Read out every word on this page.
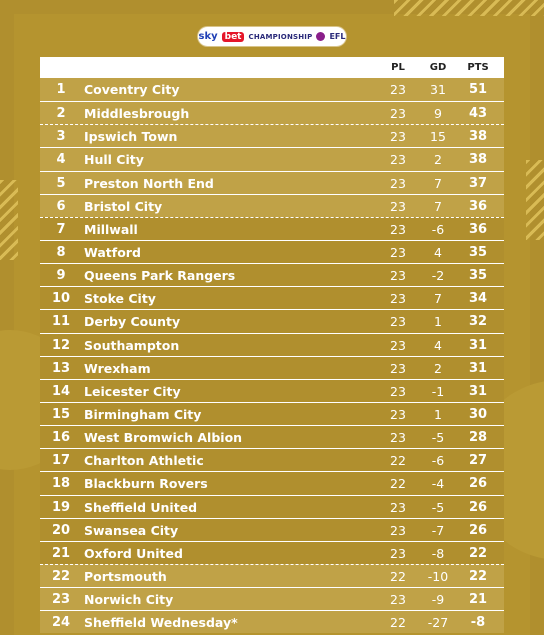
sky bet	CHAMPIONSHIP EFL
PL	GD	PTS
1	Coventry City	23	31	51
2	Middlesbrough	23	9	43
3	Ipswich Town	23	15	38
4	Hull City	23	2	38
5	Preston North End	23	7	37
6	Bristol City	23	7	36
7	Millwall	23	-6	36
8	Watford	23	4	35
9	Queens Park Rangers	23	-2	35
10 Stoke City	23	7	34
11 Derby County	23	1	32
12 Southampton	23	4	31
13 Wrexham	23	2	31
14 Leicester City	23	-1	31
15 Birmingham City	23	1	30
16 West Bromwich Albion	23	-5	28
17 Charlton Athletic	22	-6	27
18 Blackburn Rovers	22	-4	26
19 Sheffield United	23	-5	26
20 Swansea City	23	-7	26
21 Oxford United	23	-8	22
22 Portsmouth	22	-10	22
23 Norwich City	23	-9	21
24 Sheffield Wednesday*	22	-27	-8
